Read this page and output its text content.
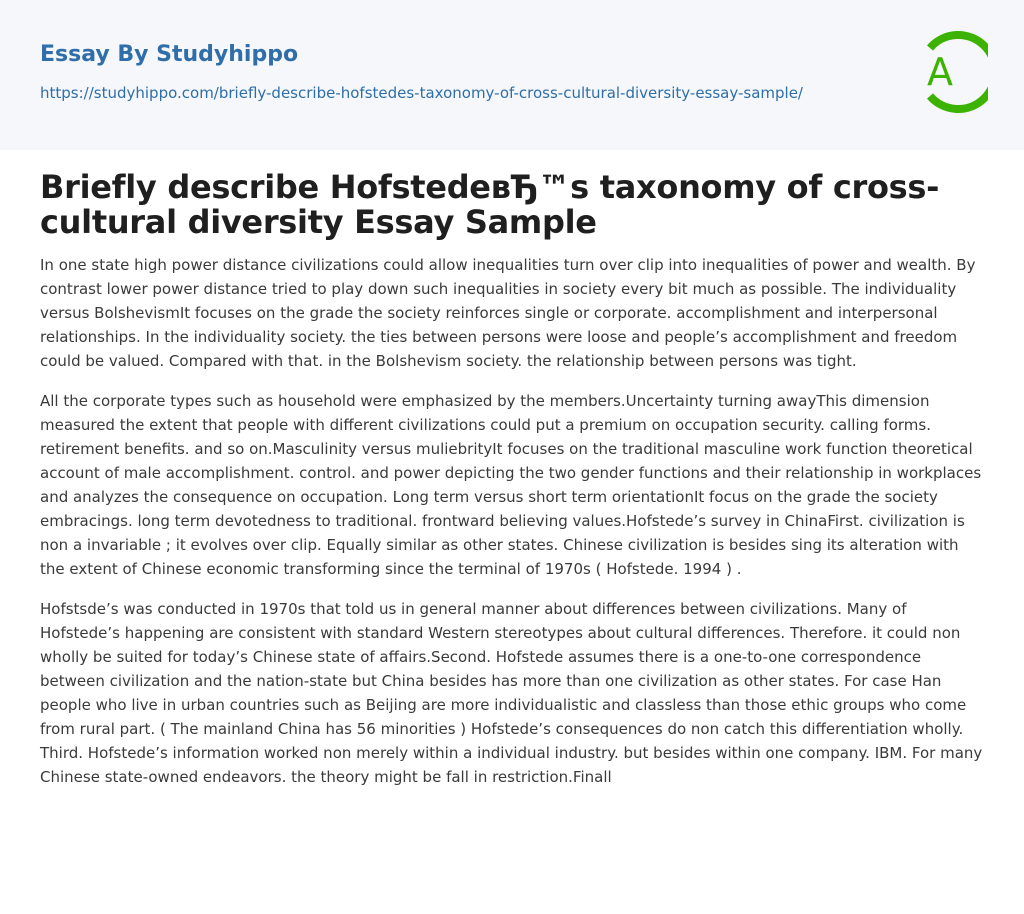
Essay By Studyhippo
https://studyhippo.com/briefly-describe-hofstedes-taxonomy-of-cross-cultural-diversity-essay-sample/	A
Briefly describe HofstedeвЂ™s taxonomy of cross-cultural diversity Essay Sample

In one state high power distance civilizations could allow inequalities turn over clip into inequalities of power and wealth. By contrast lower power distance tried to play down such inequalities in society every bit much as possible. The individuality versus BolshevismIt focuses on the grade the society reinforces single or corporate. accomplishment and interpersonal relationships. In the individuality society. the ties between persons were loose and people’s accomplishment and freedom could be valued. Compared with that. in the Bolshevism society. the relationship between persons was tight.

All the corporate types such as household were emphasized by the members.Uncertainty turning awayThis dimension measured the extent that people with different civilizations could put a premium on occupation security. calling forms. retirement benefits. and so on.Masculinity versus muliebrityIt focuses on the traditional masculine work function theoretical account of male accomplishment. control. and power depicting the two gender functions and their relationship in workplaces and analyzes the consequence on occupation. Long term versus short term orientationIt focus on the grade the society embracings. long term devotedness to traditional. frontward believing values.Hofstede’s survey in ChinaFirst. civilization is non a invariable ; it evolves over clip. Equally similar as other states. Chinese civilization is besides sing its alteration with the extent of Chinese economic transforming since the terminal of 1970s ( Hofstede. 1994 ) .

Hofstsde’s was conducted in 1970s that told us in general manner about differences between civilizations. Many of Hofstede’s happening are consistent with standard Western stereotypes about cultural differences. Therefore. it could non wholly be suited for today’s Chinese state of affairs.Second. Hofstede assumes there is a one-to-one correspondence between civilization and the nation-state but China besides has more than one civilization as other states. For case Han people who live in urban countries such as Beijing are more individualistic and classless than those ethic groups who come from rural part. ( The mainland China has 56 minorities ) Hofstede’s consequences do non catch this differentiation wholly. Third. Hofstede’s information worked non merely within a individual industry. but besides within one company. IBM. For many Chinese state-owned endeavors. the theory might be fall in restriction.Finall
